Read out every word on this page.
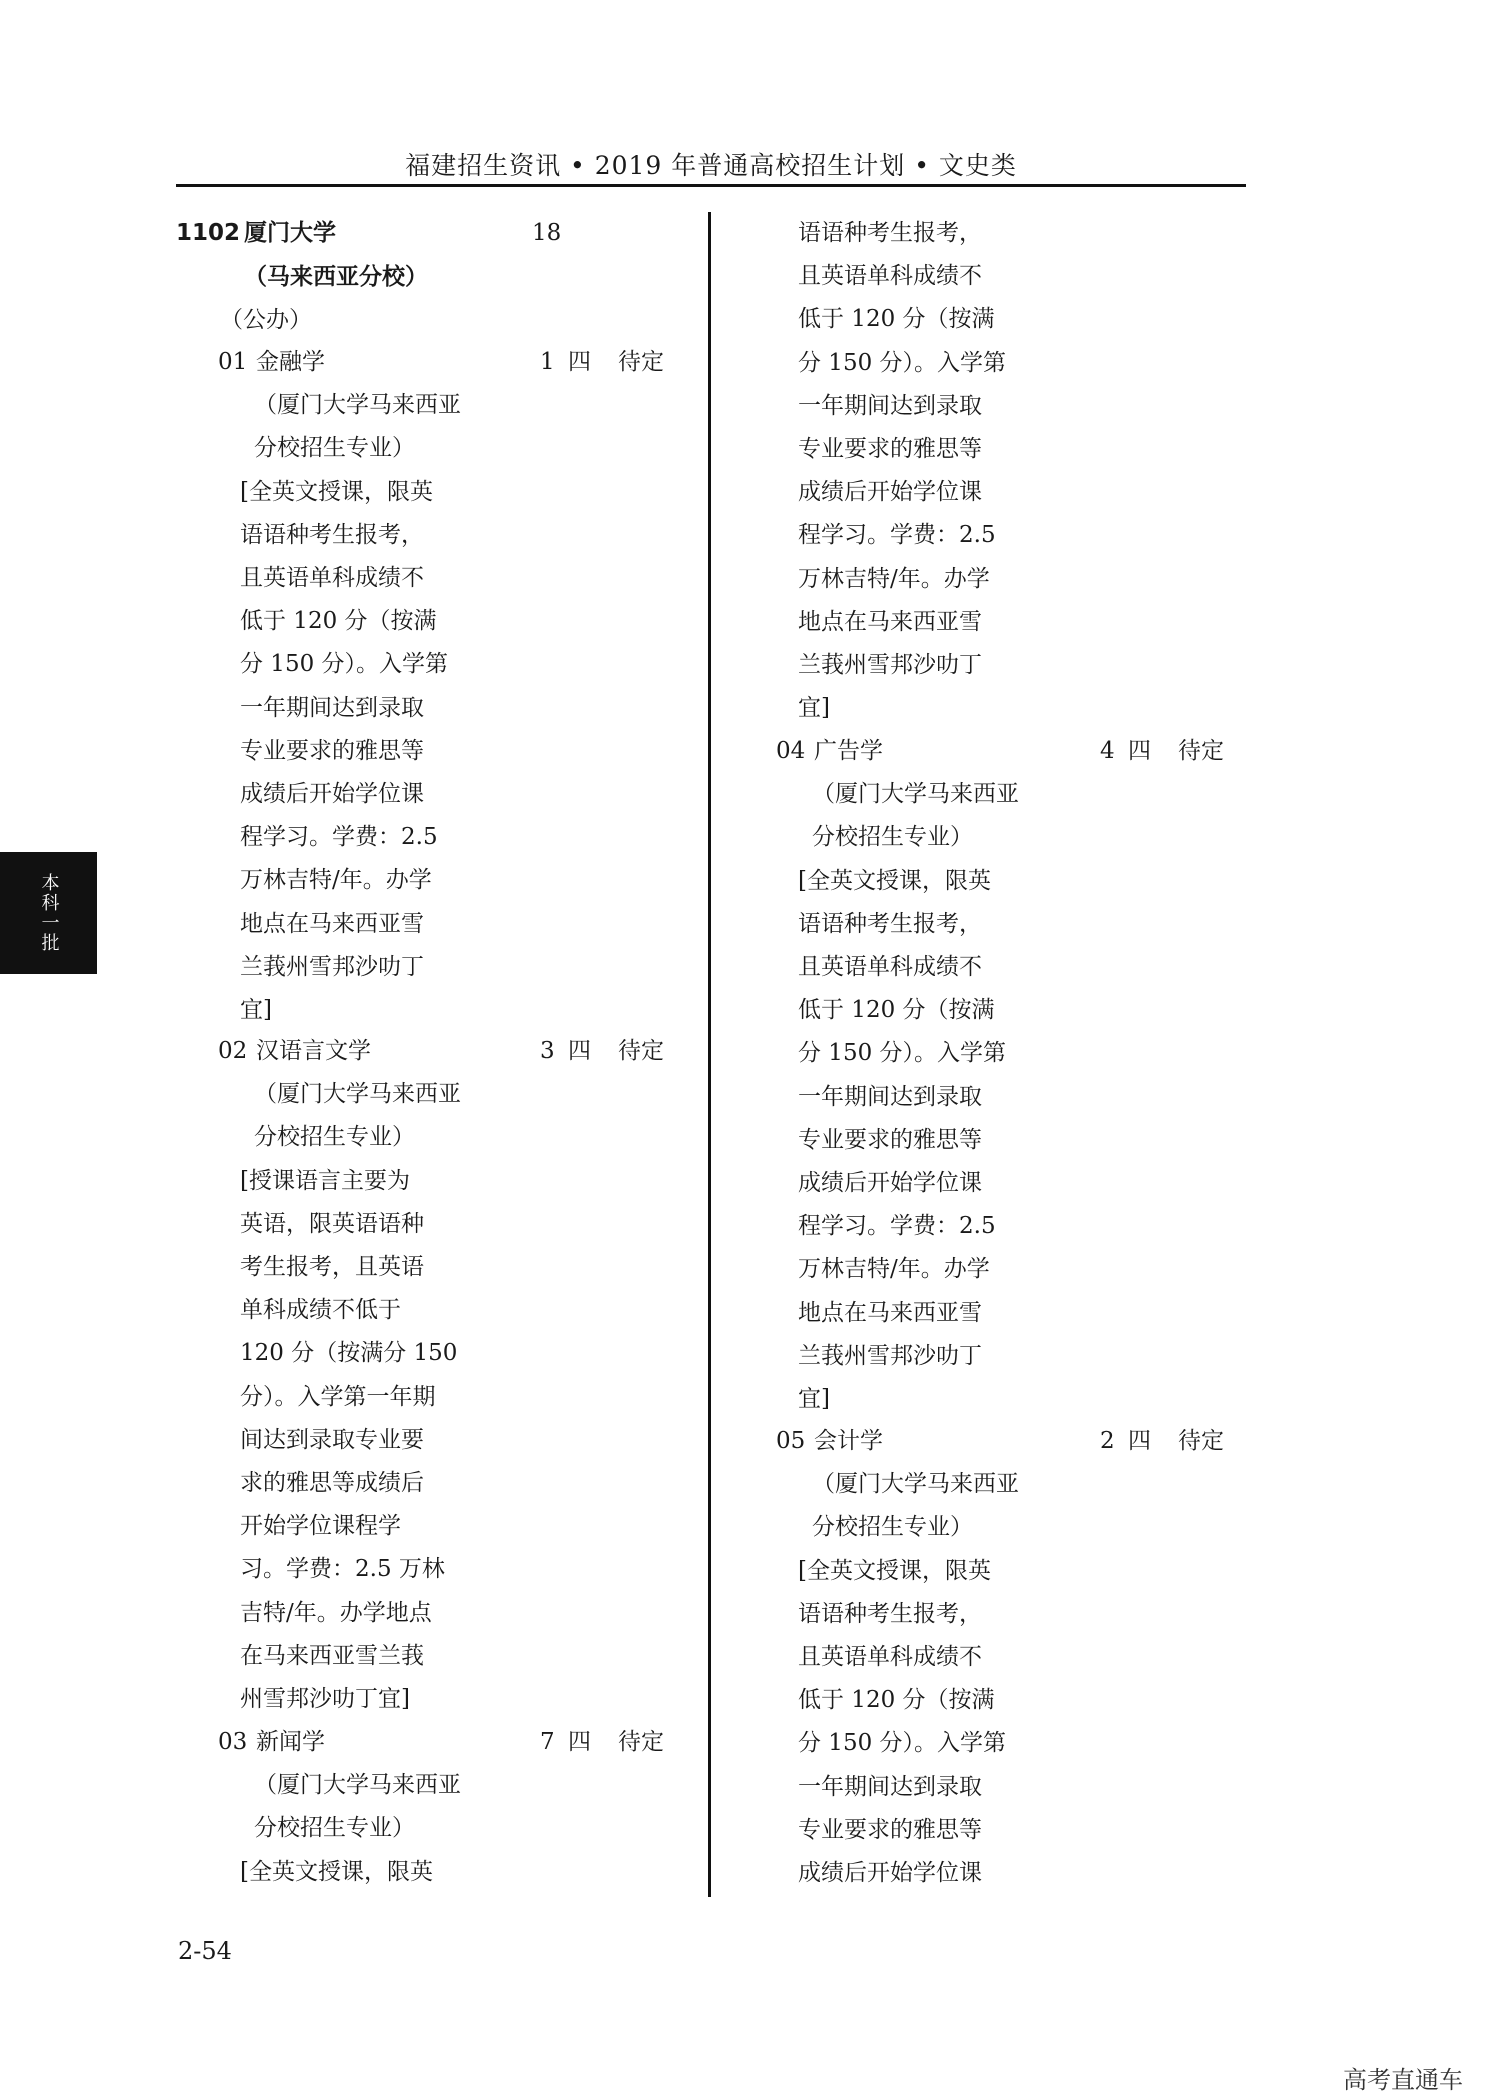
福建招生资讯 • 2019 年普通高校招生计划 • 文史类
本科一批
1102 厦门大学	18
（马来西亚分校）
（公办）
01 金融学	1 四 待定
（厦门大学马来西亚
分校招生专业）
[全英文授课，限英
语语种考生报考，
且英语单科成绩不
低于 120 分（按满
分 150 分）。入学第
一年期间达到录取
专业要求的雅思等
成绩后开始学位课
程学习。学费：2.5
万林吉特/年。办学
地点在马来西亚雪
兰莪州雪邦沙叻丁
宜]
02 汉语言文学	3 四 待定
（厦门大学马来西亚
分校招生专业）
[授课语言主要为
英语，限英语语种
考生报考，且英语
单科成绩不低于
120 分（按满分 150
分）。入学第一年期
间达到录取专业要
求的雅思等成绩后
开始学位课程学
习。学费：2.5 万林
吉特/年。办学地点
在马来西亚雪兰莪
州雪邦沙叻丁宜]
03 新闻学	7 四 待定
（厦门大学马来西亚
分校招生专业）
[全英文授课，限英
04 广告学	4 四 待定
（厦门大学马来西亚
分校招生专业）
[全英文授课，限英
语语种考生报考，
且英语单科成绩不
低于 120 分（按满
分 150 分）。入学第
一年期间达到录取
专业要求的雅思等
成绩后开始学位课
程学习。学费：2.5
万林吉特/年。办学
地点在马来西亚雪
兰莪州雪邦沙叻丁
宜]
05 会计学	2 四 待定
（厦门大学马来西亚
分校招生专业）
[全英文授课，限英
语语种考生报考，
且英语单科成绩不
低于 120 分（按满
分 150 分）。入学第
一年期间达到录取
专业要求的雅思等
成绩后开始学位课
语语种考生报考，
且英语单科成绩不
低于 120 分（按满
分 150 分）。入学第
一年期间达到录取
专业要求的雅思等
成绩后开始学位课
程学习。学费：2.5
万林吉特/年。办学
地点在马来西亚雪
兰莪州雪邦沙叻丁
宜]
2-54
高考直通车
